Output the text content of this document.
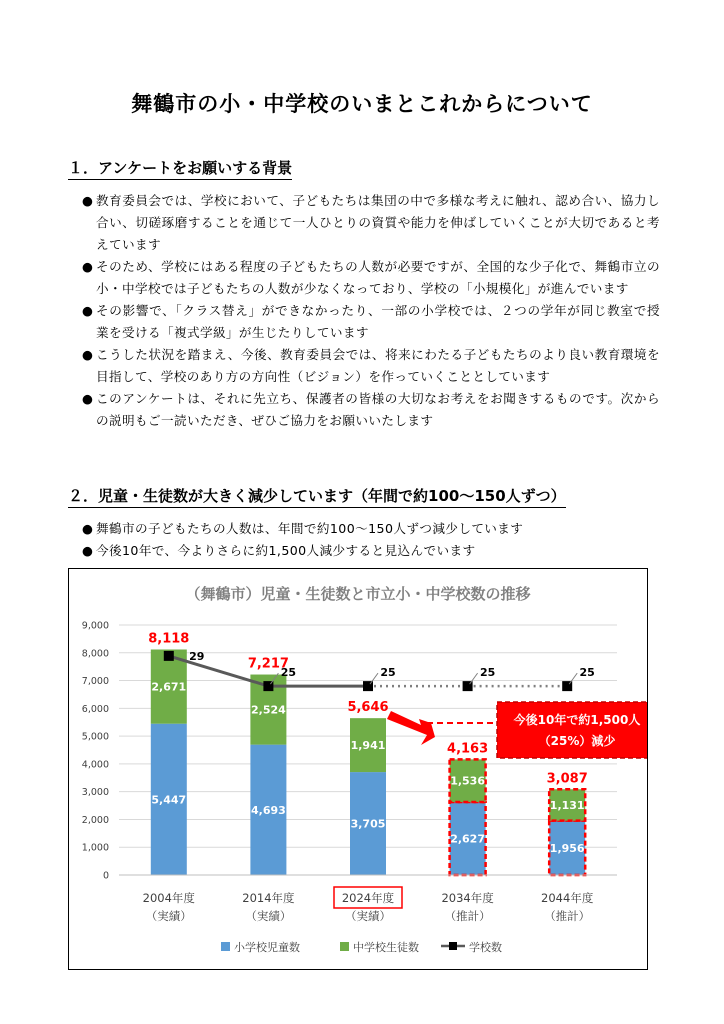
舞鶴市の小・中学校のいまとこれからについて
１．アンケートをお願いする背景
● 教育委員会では、学校において、子どもたちは集団の中で多様な考えに触れ、認め合い、協力し合い、切磋琢磨することを通じて一人ひとりの資質や能力を伸ばしていくことが大切であると考えています
● そのため、学校にはある程度の子どもたちの人数が必要ですが、全国的な少子化で、舞鶴市立の小・中学校では子どもたちの人数が少なくなっており、学校の「小規模化」が進んでいます
● その影響で、「クラス替え」ができなかったり、一部の小学校では、２つの学年が同じ教室で授業を受ける「複式学級」が生じたりしています
● こうした状況を踏まえ、今後、教育委員会では、将来にわたる子どもたちのより良い教育環境を目指して、学校のあり方の方向性（ビジョン）を作っていくこととしています
● このアンケートは、それに先立ち、保護者の皆様の大切なお考えをお聞きするものです。次からの説明もご一読いただき、ぜひご協力をお願いいたします
２．児童・生徒数が大きく減少しています（年間で約100～150人ずつ）
● 舞鶴市の子どもたちの人数は、年間で約100～150人ずつ減少しています
● 今後10年で、今よりさらに約1,500人減少すると見込んでいます
（舞鶴市）児童・生徒数と市立小・中学校数の推移
0
1,000
2,000
3,000
4,000
5,000
6,000
7,000
8,000
9,000
5,447
2,671
8,118
4,693
2,524
7,217
3,705
1,941
5,646
2,627
1,536
4,163
1,956
1,131
3,087
2004年度
（実績）
2014年度
（実績）
2024年度
（実績）
2034年度
（推計）
2044年度
（推計）
29
25	25	25	25
今後10年で約1,500人
（25%）減少
小学校児童数	中学校生徒数	学校数
